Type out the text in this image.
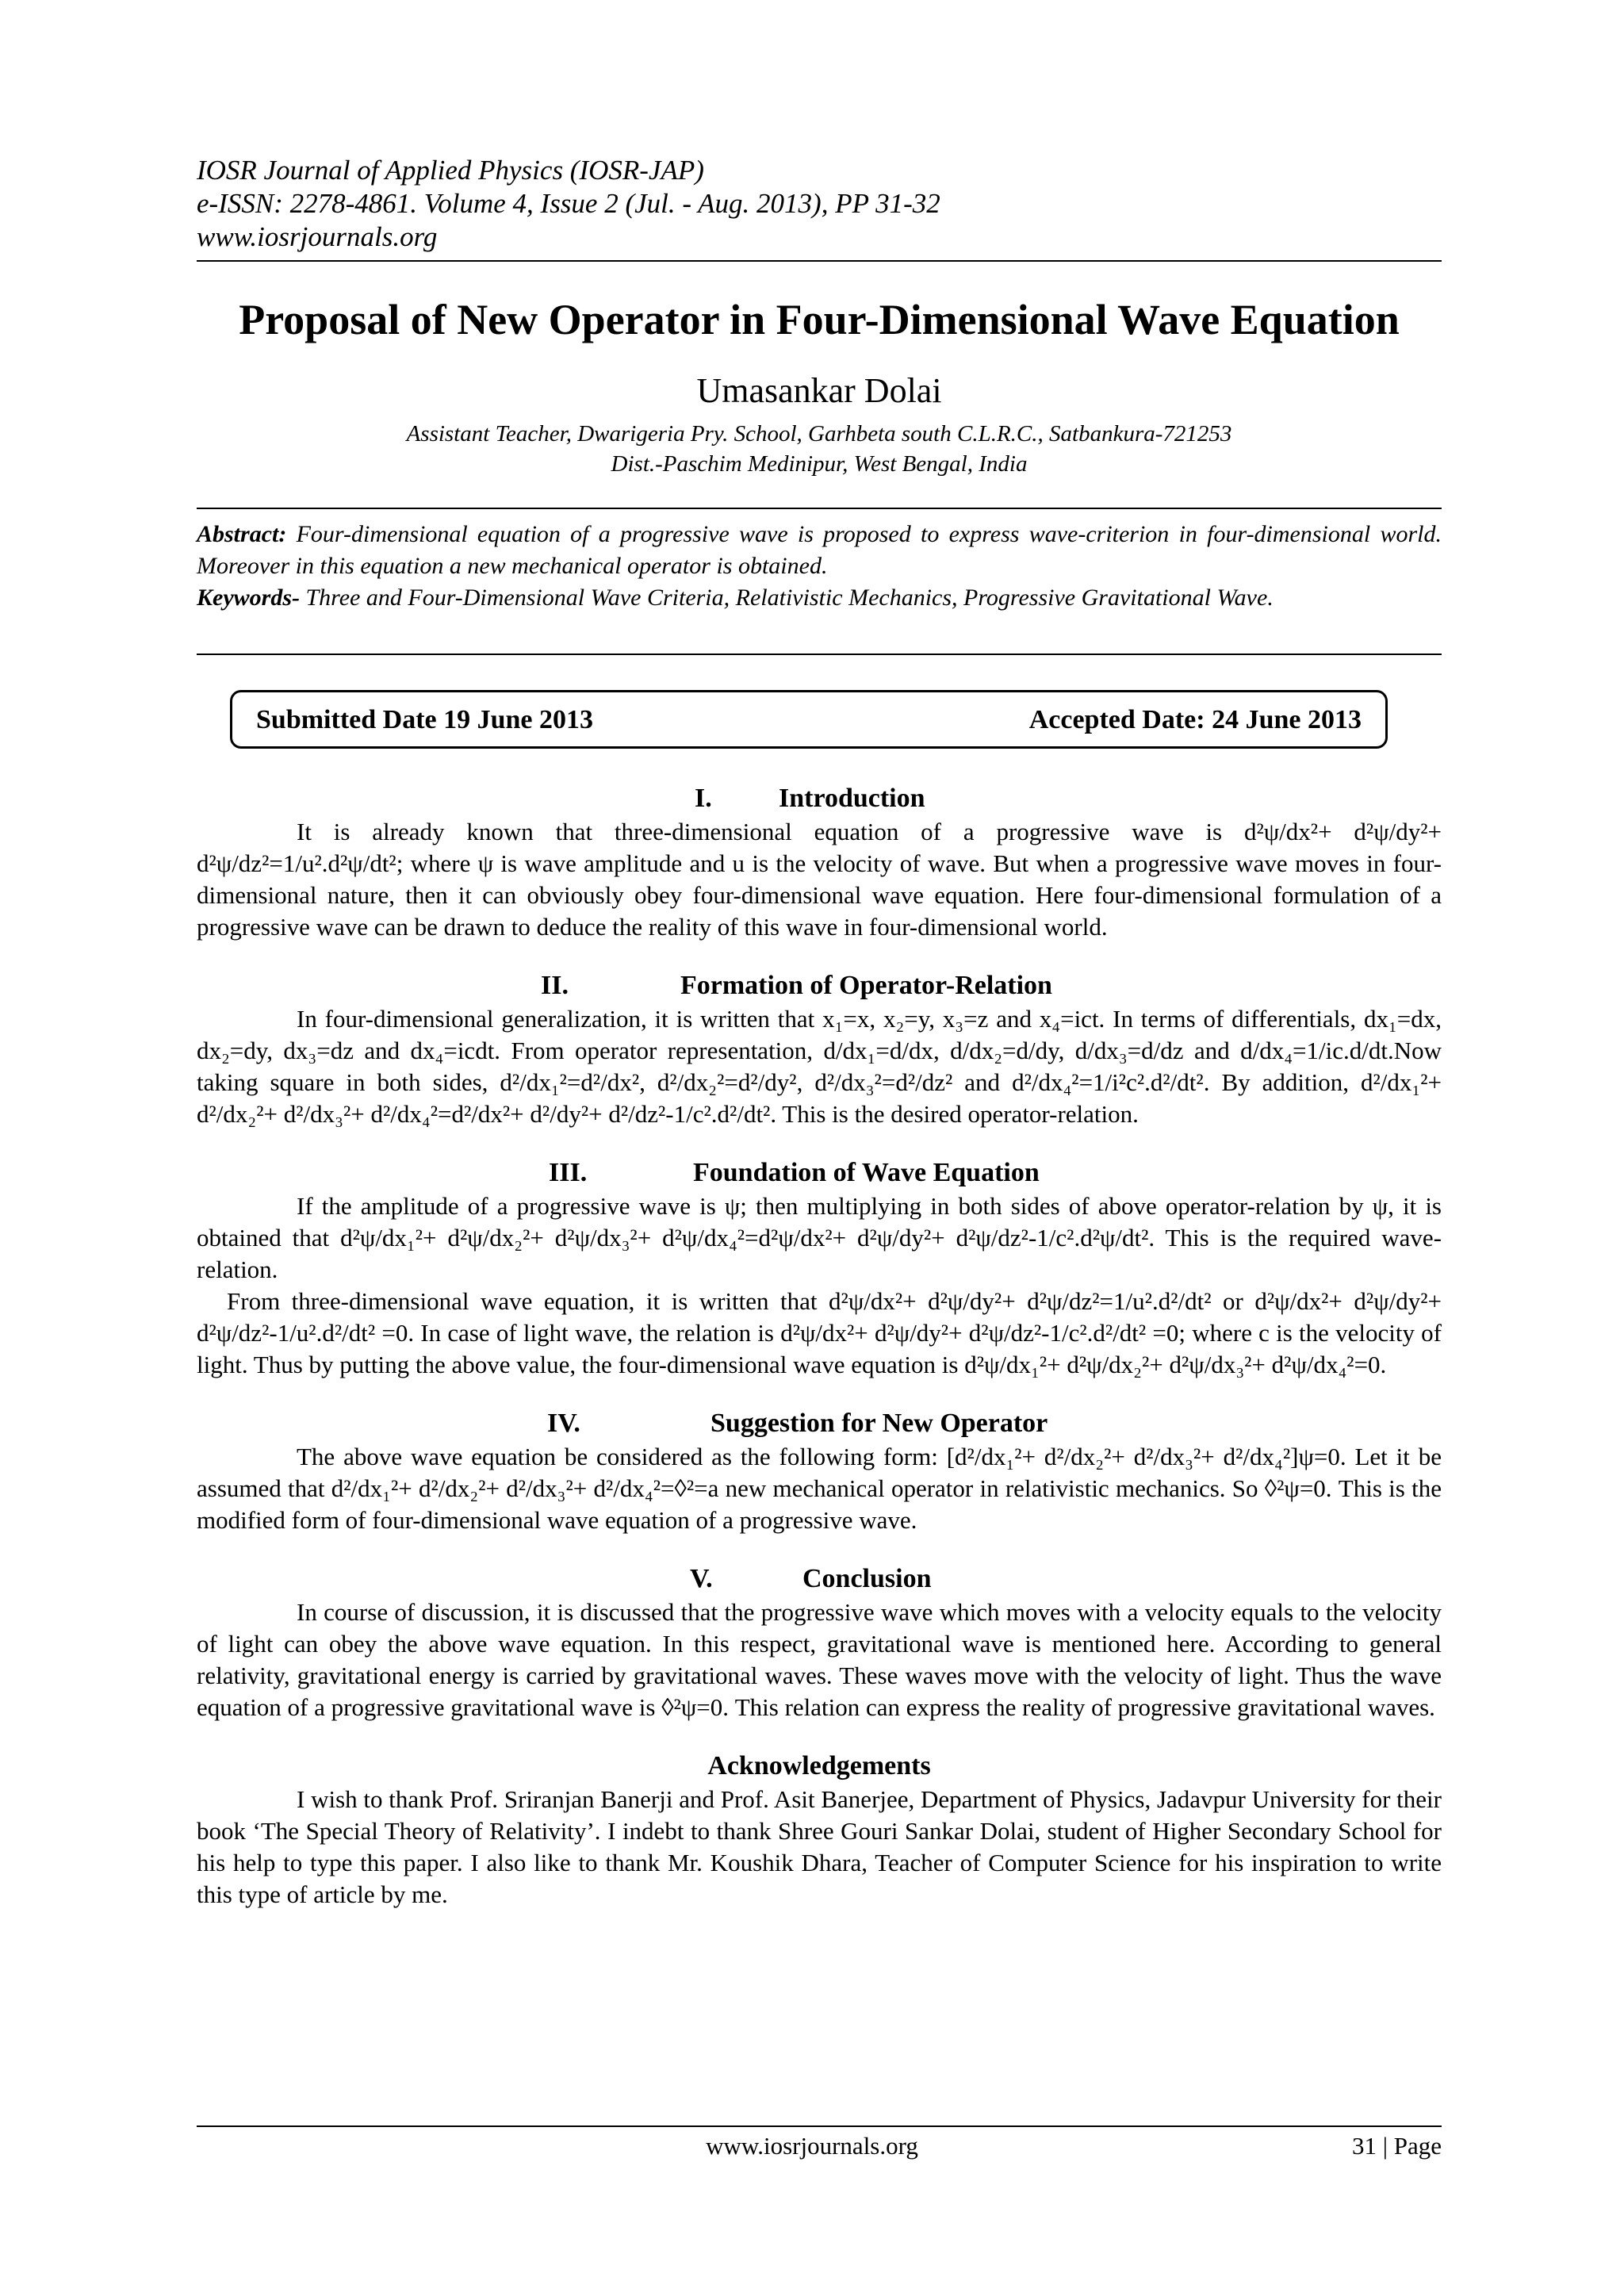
IOSR Journal of Applied Physics (IOSR-JAP)
e-ISSN: 2278-4861. Volume 4, Issue 2 (Jul. - Aug. 2013), PP 31-32
www.iosrjournals.org
Proposal of New Operator in Four-Dimensional Wave Equation
Umasankar Dolai
Assistant Teacher, Dwarigeria Pry. School, Garhbeta south C.L.R.C., Satbankura-721253
Dist.-Paschim Medinipur, West Bengal, India

Abstract: Four-dimensional equation of a progressive wave is proposed to express wave-criterion in four-dimensional world. Moreover in this equation a new mechanical operator is obtained.

Keywords- Three and Four-Dimensional Wave Criteria, Relativistic Mechanics, Progressive Gravitational Wave.

Submitted Date 19 June 2013	Accepted Date: 24 June 2013
I. Introduction

It is already known that three-dimensional equation of a progressive wave is d²ψ/dx²+ d²ψ/dy²+ d²ψ/dz²=1/u².d²ψ/dt²; where ψ is wave amplitude and u is the velocity of wave. But when a progressive wave moves in four-dimensional nature, then it can obviously obey four-dimensional wave equation. Here four-dimensional formulation of a progressive wave can be drawn to deduce the reality of this wave in four-dimensional world.

II.	Formation of Operator-Relation

In four-dimensional generalization, it is written that x₁=x, x₂=y, x₃=z and x₄=ict. In terms of differentials, dx₁=dx, dx₂=dy, dx₃=dz and dx₄=icdt. From operator representation, d/dx₁=d/dx, d/dx₂=d/dy, d/dx₃=d/dz and d/dx₄=1/ic.d/dt.Now taking square in both sides, d²/dx₁²=d²/dx², d²/dx₂²=d²/dy², d²/dx₃²=d²/dz² and d²/dx₄²=1/i²c².d²/dt². By addition, d²/dx₁²+ d²/dx₂²+ d²/dx₃²+ d²/dx₄²=d²/dx²+ d²/dy²+ d²/dz²-1/c².d²/dt². This is the desired operator-relation.

III.	Foundation of Wave Equation

If the amplitude of a progressive wave is ψ; then multiplying in both sides of above operator-relation by ψ, it is obtained that d²ψ/dx₁²+ d²ψ/dx₂²+ d²ψ/dx₃²+ d²ψ/dx₄²=d²ψ/dx²+ d²ψ/dy²+ d²ψ/dz²-1/c².d²ψ/dt². This is the required wave-relation.

From three-dimensional wave equation, it is written that d²ψ/dx²+ d²ψ/dy²+ d²ψ/dz²=1/u².d²/dt² or d²ψ/dx²+ d²ψ/dy²+ d²ψ/dz²-1/u².d²/dt² =0. In case of light wave, the relation is d²ψ/dx²+ d²ψ/dy²+ d²ψ/dz²-1/c².d²/dt² =0; where c is the velocity of light. Thus by putting the above value, the four-dimensional wave equation is d²ψ/dx₁²+ d²ψ/dx₂²+ d²ψ/dx₃²+ d²ψ/dx₄²=0.

IV.	Suggestion for New Operator

The above wave equation be considered as the following form: [d²/dx₁²+ d²/dx₂²+ d²/dx₃²+ d²/dx₄²]ψ=0. Let it be assumed that d²/dx₁²+ d²/dx₂²+ d²/dx₃²+ d²/dx₄²=◊²=a new mechanical operator in relativistic mechanics. So ◊²ψ=0. This is the modified form of four-dimensional wave equation of a progressive wave.

V.	Conclusion

In course of discussion, it is discussed that the progressive wave which moves with a velocity equals to the velocity of light can obey the above wave equation. In this respect, gravitational wave is mentioned here. According to general relativity, gravitational energy is carried by gravitational waves. These waves move with the velocity of light. Thus the wave equation of a progressive gravitational wave is ◊²ψ=0. This relation can express the reality of progressive gravitational waves.

Acknowledgements

I wish to thank Prof. Sriranjan Banerji and Prof. Asit Banerjee, Department of Physics, Jadavpur University for their book ‘The Special Theory of Relativity’. I indebt to thank Shree Gouri Sankar Dolai, student of Higher Secondary School for his help to type this paper. I also like to thank Mr. Koushik Dhara, Teacher of Computer Science for his inspiration to write this type of article by me.

www.iosrjournals.org	31 | Page
